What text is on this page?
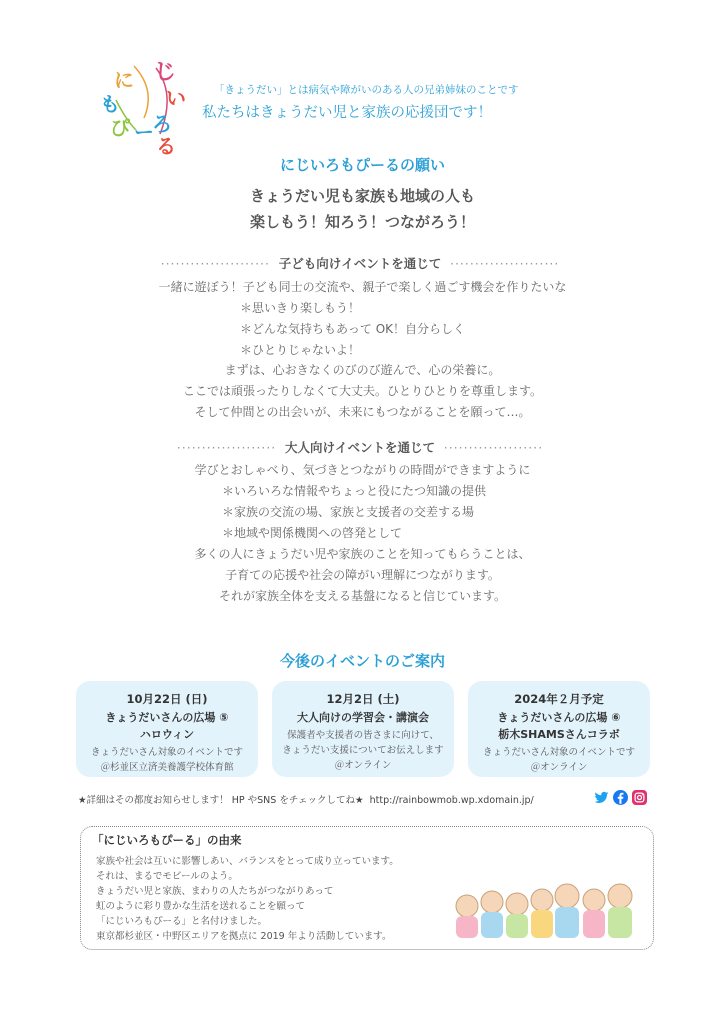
に じ
い
ろ
も
ぴ ー
る
「きょうだい」とは病気や障がいのある人の兄弟姉妹のことです
私たちはきょうだい児と家族の応援団です！
にじいろもぴーるの願い
きょうだい児も家族も地域の人も
楽しもう！知ろう！つながろう！
······················ 子ども向けイベントを通じて ······················
一緒に遊ぼう！子ども同士の交流や、親子で楽しく過ごす機会を作りたいな
＊思いきり楽しもう！
＊どんな気持ちもあって OK！自分らしく
＊ひとりじゃないよ！
まずは、心おきなくのびのび遊んで、心の栄養に。
ここでは頑張ったりしなくて大丈夫。ひとりひとりを尊重します。
そして仲間との出会いが、未来にもつながることを願って…。
···················· 大人向けイベントを通じて ····················
学びとおしゃべり、気づきとつながりの時間ができますように
＊いろいろな情報やちょっと役にたつ知識の提供
＊家族の交流の場、家族と支援者の交差する場
＊地域や関係機関への啓発として
多くの人にきょうだい児や家族のことを知ってもらうことは、
子育ての応援や社会の障がい理解につながります。
それが家族全体を支える基盤になると信じています。
今後のイベントのご案内
10月22日 (日)
きょうだいさんの広場 ⑤
ハロウィン
きょうだいさん対象のイベントです
＠杉並区立済美養護学校体育館
12月2日 (土)
大人向けの学習会・講演会
保護者や支援者の皆さまに向けて、
きょうだい支援についてお伝えします
＠オンライン
2024年２月予定
きょうだいさんの広場 ⑥
栃木SHAMSさんコラボ
きょうだいさん対象のイベントです
＠オンライン
★詳細はその都度お知らせします！ HP やSNS をチェックしてね★ http://rainbowmob.wp.xdomain.jp/
「にじいろもぴーる」の由来
家族や社会は互いに影響しあい、バランスをとって成り立っています。
それは、まるでモビールのよう。
きょうだい児と家族、まわりの人たちがつながりあって
虹のように彩り豊かな生活を送れることを願って
「にじいろもぴーる」と名付けました。
東京都杉並区・中野区エリアを拠点に 2019 年より活動しています。
